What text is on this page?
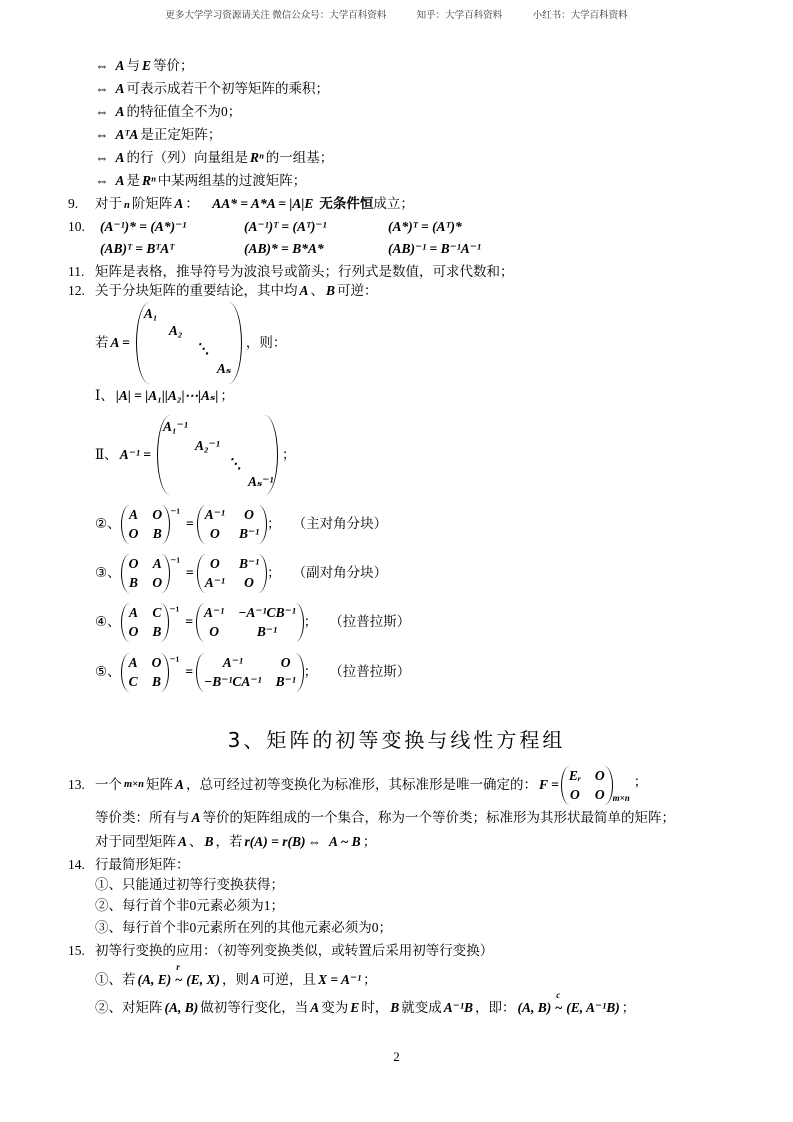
更多大学学习资源请关注 微信公众号：大学百科资料	知乎：大学百科资料	小红书：大学百科资料
⇔ A 与 E 等价；
⇔ A 可表示成若干个初等矩阵的乘积；
⇔ A 的特征值全不为0；
⇔ AᵀA 是正定矩阵；
⇔ A 的行（列）向量组是 Rⁿ 的一组基；
⇔ A 是 Rⁿ 中某两组基的过渡矩阵；
9. 对于 n 阶矩阵 A ： AA* = A*A = |A|E 无条件恒成立；
10. (A⁻¹)* = (A*)⁻¹	(A⁻¹)ᵀ = (Aᵀ)⁻¹	(A*)ᵀ = (Aᵀ)*
(AB)ᵀ = BᵀAᵀ	(AB)* = B*A*	(AB)⁻¹ = B⁻¹A⁻¹
11. 矩阵是表格，推导符号为波浪号或箭头；行列式是数值，可求代数和；
12. 关于分块矩阵的重要结论，其中均 A 、 B 可逆：
若 A =
A₁
A₂
⋱
Aₛ
，则：
Ⅰ、 |A| = |A₁||A₂|⋯|Aₛ| ；
Ⅱ、 A⁻¹ =
A₁⁻¹
A₂⁻¹
⋱
Aₛ⁻¹
；
②、
A O
O B
⁻¹
=
A⁻¹ O
O B⁻¹
； （主对角分块）
③、
O A
B O
⁻¹
=
O B⁻¹
A⁻¹ O
； （副对角分块）
④、
A C
O B
⁻¹
=
A⁻¹ −A⁻¹CB⁻¹
O	B⁻¹
； （拉普拉斯）
⑤、
A O
C B
⁻¹
=
A⁻¹	O
−B⁻¹CA⁻¹ B⁻¹
； （拉普拉斯）
3、矩阵的初等变换与线性方程组
13. 一个 m×n 矩阵 A ，总可经过初等变换化为标准形，其标准形是唯一确定的： F =
Eᵣ O
O O m×n
；
等价类：所有与 A 等价的矩阵组成的一个集合，称为一个等价类；标准形为其形状最简单的矩阵；
对于同型矩阵 A 、 B ，若 r(A) = r(B) ⇔ A ~ B ；
14. 行最简形矩阵：
①、只能通过初等行变换获得；
②、每行首个非0元素必须为1；
③、每行首个非0元素所在列的其他元素必须为0；
15. 初等行变换的应用：（初等列变换类似，或转置后采用初等行变换）
①、若 (A, E)
r
~ (E, X) ，则 A 可逆，且 X = A⁻¹ ；
②、对矩阵 (A, B) 做初等行变化，当 A 变为 E 时， B 就变成 A⁻¹B ，即： (A, B)
c
~ (E, A⁻¹B) ；
2
